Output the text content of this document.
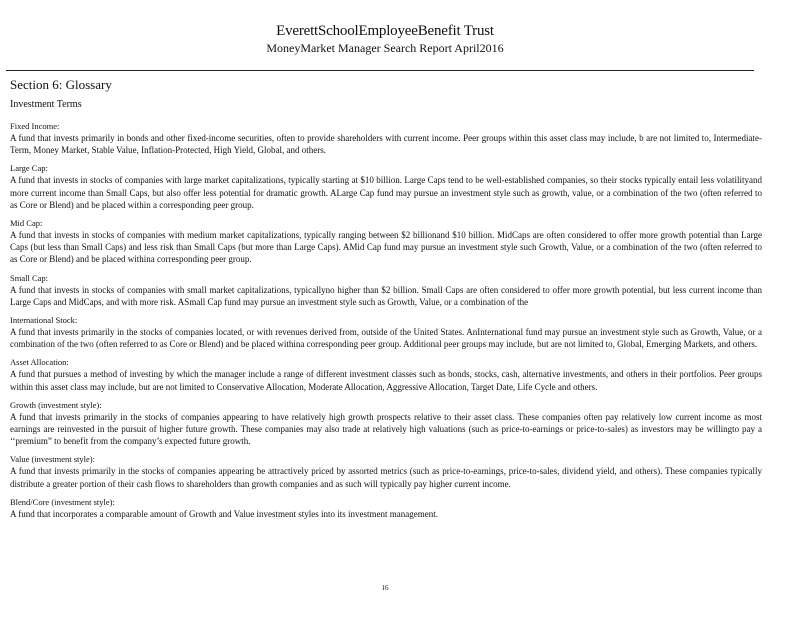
EverettSchoolEmployeeBenefit Trust
MoneyMarket Manager Search Report April2016
Section 6: Glossary
Investment Terms
Fixed Income:
A fund that invests primarily in bonds and other fixed-income securities, often to provide shareholders with current income. Peer groups within this asset class may include, b are not limited to, Intermediate-Term, Money Market, Stable Value, Inflation-Protected, High Yield, Global, and others.
Large Cap:
A fund that invests in stocks of companies with large market capitalizations, typically starting at $10 billion. Large Caps tend to be well-established companies, so their stocks typically entail less volatilityand more current income than Small Caps, but also offer less potential for dramatic growth. ALarge Cap fund may pursue an investment style such as growth, value, or a combination of the two (often referred to as Core or Blend) and be placed within a corresponding peer group.
Mid Cap:
A fund that invests in stocks of companies with medium market capitalizations, typically ranging between $2 billionand $10 billion. MidCaps are often considered to offer more growth potential than Large Caps (but less than Small Caps) and less risk than Small Caps (but more than Large Caps). AMid Cap fund may pursue an investment style such Growth, Value, or a combination of the two (often referred to as Core or Blend) and be placed withina corresponding peer group.
Small Cap:
A fund that invests in stocks of companies with small market capitalizations, typicallyno higher than $2 billion. Small Caps are often considered to offer more growth potential, but less current income than Large Caps and MidCaps, and with more risk. ASmall Cap fund may pursue an investment style such as Growth, Value, or a combination of the
International Stock:
A fund that invests primarily in the stocks of companies located, or with revenues derived from, outside of the United States. AnInternational fund may pursue an investment style such as Growth, Value, or a combination of the two (often referred to as Core or Blend) and be placed withina corresponding peer group. Additional peer groups may include, but are not limited to, Global, Emerging Markets, and others.
Asset Allocation:
A fund that pursues a method of investing by which the manager include a range of different investment classes such as bonds, stocks, cash, alternative investments, and others in their portfolios. Peer groups within this asset class may include, but are not limited to Conservative Allocation, Moderate Allocation, Aggressive Allocation, Target Date, Life Cycle and others.
Growth (investment style):
A fund that invests primarily in the stocks of companies appearing to have relatively high growth prospects relative to their asset class. These companies often pay relatively low current income as most earnings are reinvested in the pursuit of higher future growth. These companies may also trade at relatively high valuations (such as price-to-earnings or price-to-sales) as investors may be willingto pay a ‘‘premium” to benefit from the company’s expected future growth.
Value (investment style):
A fund that invests primarily in the stocks of companies appearing be attractively priced by assorted metrics (such as price-to-earnings, price-to-sales, dividend yield, and others). These companies typically distribute a greater portion of their cash flows to shareholders than growth companies and as such will typically pay higher current income.
Blend/Core (investment style):
A fund that incorporates a comparable amount of Growth and Value investment styles into its investment management.
16
